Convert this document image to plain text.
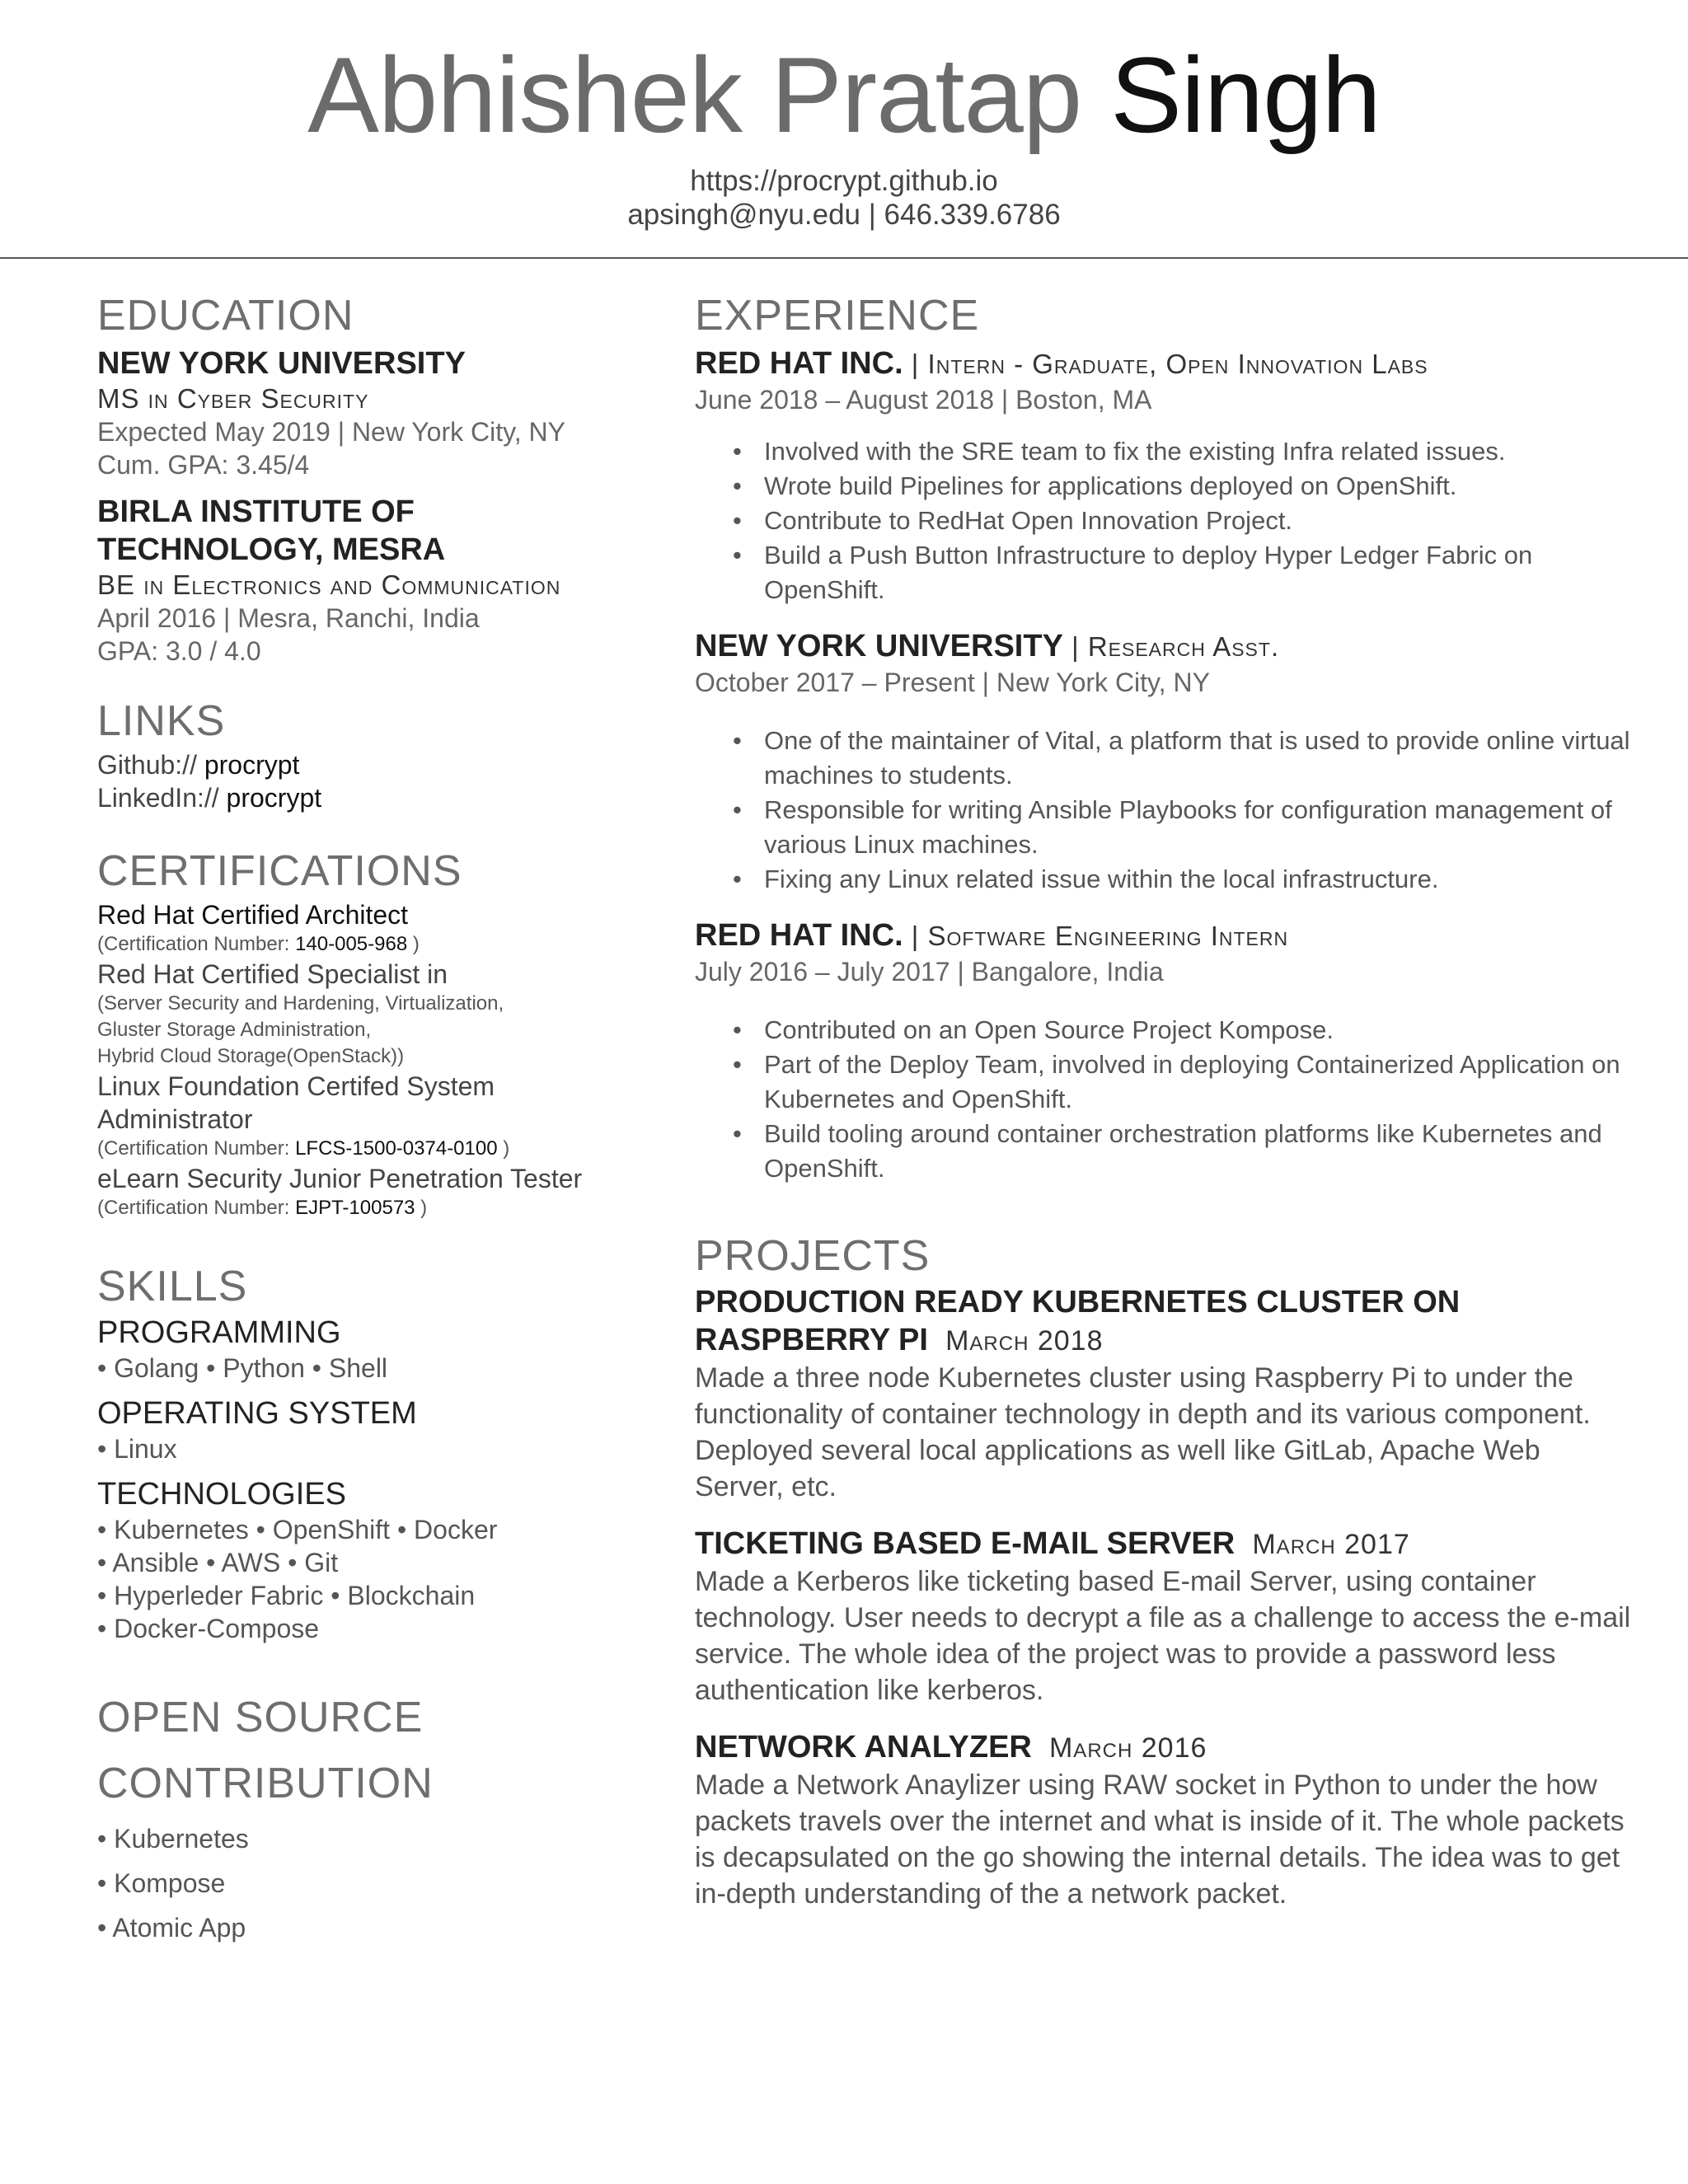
Abhishek Pratap Singh
https://procrypt.github.io
apsingh@nyu.edu | 646.339.6786
EDUCATION
NEW YORK UNIVERSITY
MS in Cyber Security
Expected May 2019 | New York City, NY
Cum. GPA: 3.45/4
BIRLA INSTITUTE OF TECHNOLOGY, MESRA
BE in Electronics and Communication
April 2016 | Mesra, Ranchi, India
GPA: 3.0 / 4.0
LINKS
Github:// procrypt
LinkedIn:// procrypt
CERTIFICATIONS
Red Hat Certified Architect
(Certification Number: 140-005-968 )
Red Hat Certified Specialist in
(Server Security and Hardening, Virtualization,
Gluster Storage Administration,
Hybrid Cloud Storage(OpenStack))
Linux Foundation Certifed System Administrator
(Certification Number: LFCS-1500-0374-0100 )
eLearn Security Junior Penetration Tester
(Certification Number: EJPT-100573 )
SKILLS
PROGRAMMING
• Golang • Python • Shell
OPERATING SYSTEM
• Linux
TECHNOLOGIES
• Kubernetes • OpenShift • Docker
• Ansible • AWS • Git
• Hyperleder Fabric • Blockchain
• Docker-Compose
OPEN SOURCE
CONTRIBUTION
• Kubernetes
• Kompose
• Atomic App
EXPERIENCE
RED HAT INC. | Intern - Graduate, Open Innovation Labs
June 2018 – August 2018 | Boston, MA
• Involved with the SRE team to fix the existing Infra related issues.
• Wrote build Pipelines for applications deployed on OpenShift.
• Contribute to RedHat Open Innovation Project.
• Build a Push Button Infrastructure to deploy Hyper Ledger Fabric on OpenShift.
NEW YORK UNIVERSITY | Research Asst.
October 2017 – Present | New York City, NY
• One of the maintainer of Vital, a platform that is used to provide online virtual machines to students.
• Responsible for writing Ansible Playbooks for configuration management of various Linux machines.
• Fixing any Linux related issue within the local infrastructure.
RED HAT INC. | Software Engineering Intern
July 2016 – July 2017 | Bangalore, India
• Contributed on an Open Source Project Kompose.
• Part of the Deploy Team, involved in deploying Containerized Application on Kubernetes and OpenShift.
• Build tooling around container orchestration platforms like Kubernetes and OpenShift.
PROJECTS
PRODUCTION READY KUBERNETES CLUSTER ON RASPBERRY PI March 2018
Made a three node Kubernetes cluster using Raspberry Pi to under the functionality of container technology in depth and its various component. Deployed several local applications as well like GitLab, Apache Web Server, etc.
TICKETING BASED E-MAIL SERVER March 2017
Made a Kerberos like ticketing based E-mail Server, using container technology. User needs to decrypt a file as a challenge to access the e-mail service. The whole idea of the project was to provide a password less authentication like kerberos.
NETWORK ANALYZER March 2016
Made a Network Anaylizer using RAW socket in Python to under the how packets travels over the internet and what is inside of it. The whole packets is decapsulated on the go showing the internal details. The idea was to get in-depth understanding of the a network packet.
